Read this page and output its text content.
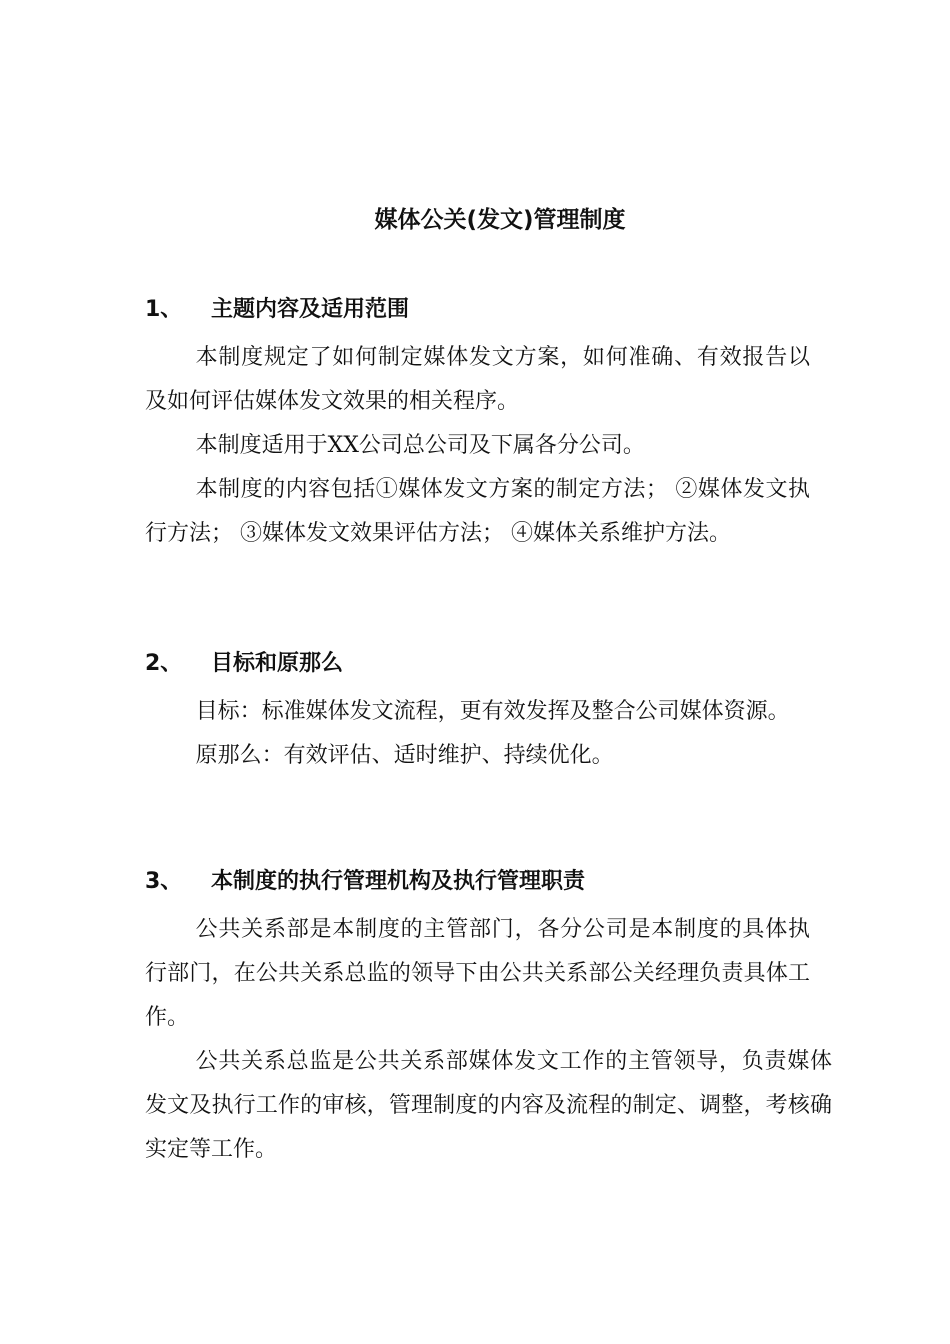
媒体公关(发文)管理制度
1、 主题内容及适用范围

本制度规定了如何制定媒体发文方案，如何准确、有效报告以及如何评估媒体发文效果的相关程序。

本制度适用于XX公司总公司及下属各分公司。

本制度的内容包括①媒体发文方案的制定方法； ②媒体发文执行方法； ③媒体发文效果评估方法； ④媒体关系维护方法。

2、 目标和原那么

目标：标准媒体发文流程，更有效发挥及整合公司媒体资源。

原那么：有效评估、适时维护、持续优化。

3、 本制度的执行管理机构及执行管理职责

公共关系部是本制度的主管部门，各分公司是本制度的具体执行部门，在公共关系总监的领导下由公共关系部公关经理负责具体工作。

公共关系总监是公共关系部媒体发文工作的主管领导，负责媒体发文及执行工作的审核，管理制度的内容及流程的制定、调整，考核确实定等工作。
